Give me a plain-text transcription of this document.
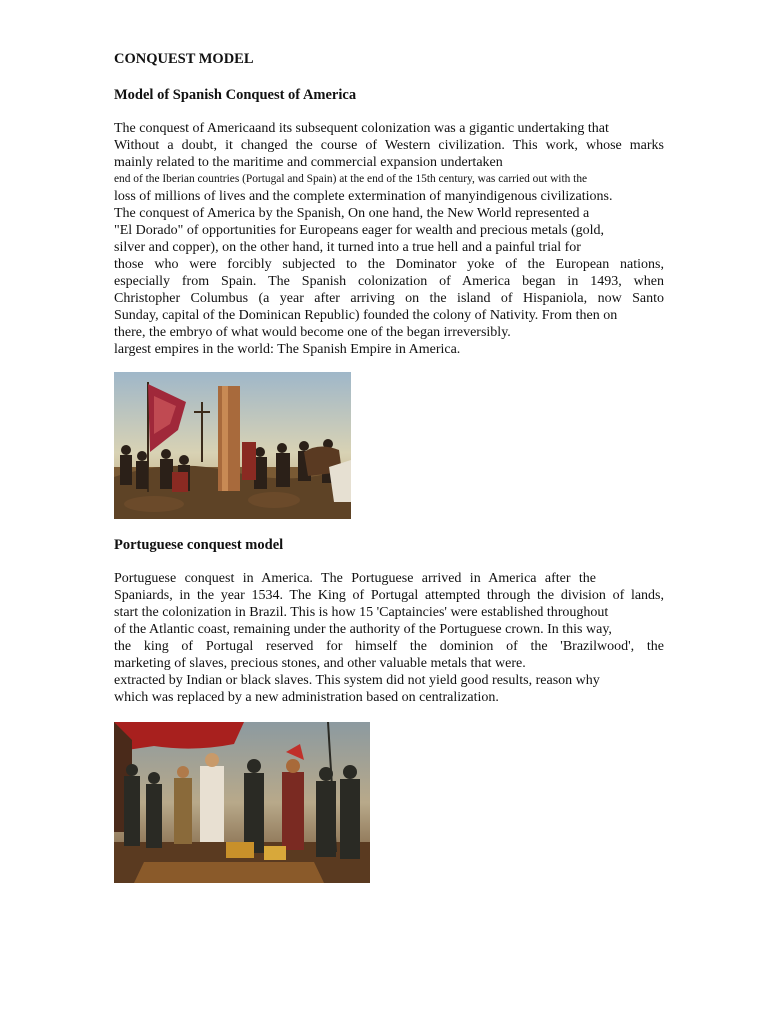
CONQUEST MODEL

Model of Spanish Conquest of America

The conquest of Americaand its subsequent colonization was a gigantic undertaking that
Without a doubt, it changed the course of Western civilization. This work, whose marks
mainly related to the maritime and commercial expansion undertaken
end of the Iberian countries (Portugal and Spain) at the end of the 15th century, was carried out with the
loss of millions of lives and the complete extermination of manyindigenous civilizations.
The conquest of America by the Spanish, On one hand, the New World represented a
"El Dorado" of opportunities for Europeans eager for wealth and precious metals (gold,
silver and copper), on the other hand, it turned into a true hell and a painful trial for
those who were forcibly subjected to the Dominator yoke of the European nations,
especially from Spain. The Spanish colonization of America began in 1493, when
Christopher Columbus (a year after arriving on the island of Hispaniola, now Santo
Sunday, capital of the Dominican Republic) founded the colony of Nativity. From then on
there, the embryo of what would become one of the began irreversibly.
largest empires in the world: The Spanish Empire in America.

Portuguese conquest model

Portuguese conquest in America. The Portuguese arrived in America after the
Spaniards, in the year 1534. The King of Portugal attempted through the division of lands,
start the colonization in Brazil. This is how 15 'Captaincies' were established throughout
of the Atlantic coast, remaining under the authority of the Portuguese crown. In this way,
the king of Portugal reserved for himself the dominion of the 'Brazilwood', the
marketing of slaves, precious stones, and other valuable metals that were.
extracted by Indian or black slaves. This system did not yield good results, reason why
which was replaced by a new administration based on centralization.
